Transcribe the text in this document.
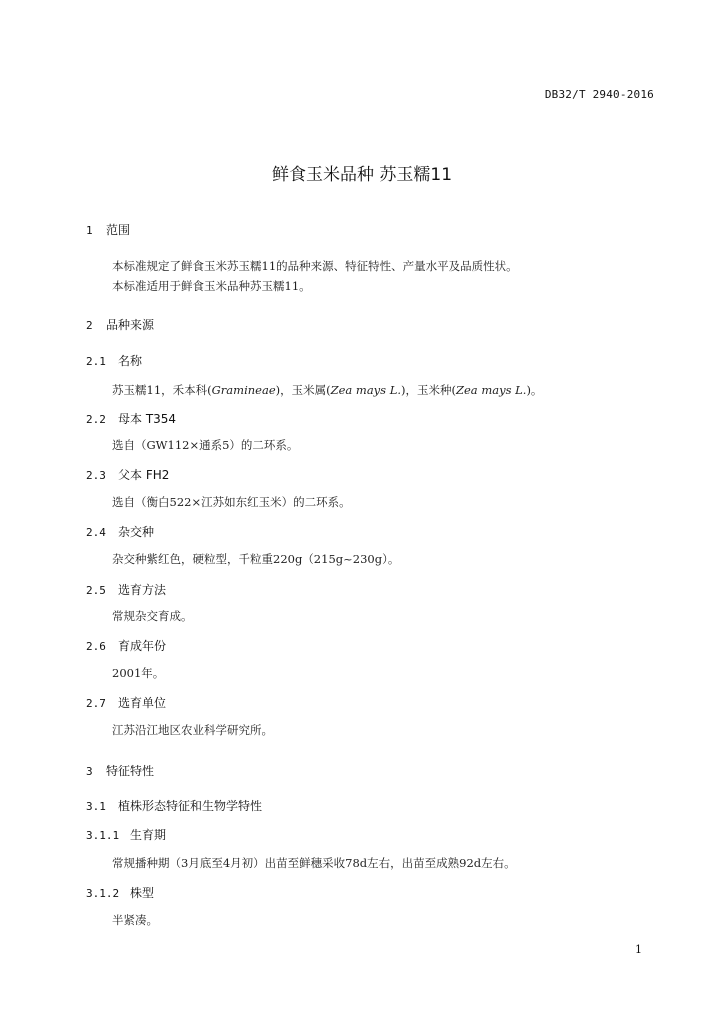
DB32/T 2940-2016
鲜食玉米品种 苏玉糯11
1 范围
本标准规定了鲜食玉米苏玉糯11的品种来源、特征特性、产量水平及品质性状。
本标准适用于鲜食玉米品种苏玉糯11。
2 品种来源
2.1 名称
苏玉糯11，禾本科(Gramineae)，玉米属(Zea mays L.)，玉米种(Zea mays L.)。
2.2 母本 T354
选自（GW112×通系5）的二环系。
2.3 父本 FH2
选自（衡白522×江苏如东红玉米）的二环系。
2.4 杂交种
杂交种紫红色，硬粒型，千粒重220g（215g~230g）。
2.5 选育方法
常规杂交育成。
2.6 育成年份
2001年。
2.7 选育单位
江苏沿江地区农业科学研究所。
3 特征特性
3.1 植株形态特征和生物学特性
3.1.1 生育期
常规播种期（3月底至4月初）出苗至鲜穗采收78d左右，出苗至成熟92d左右。
3.1.2 株型
半紧凑。
1
